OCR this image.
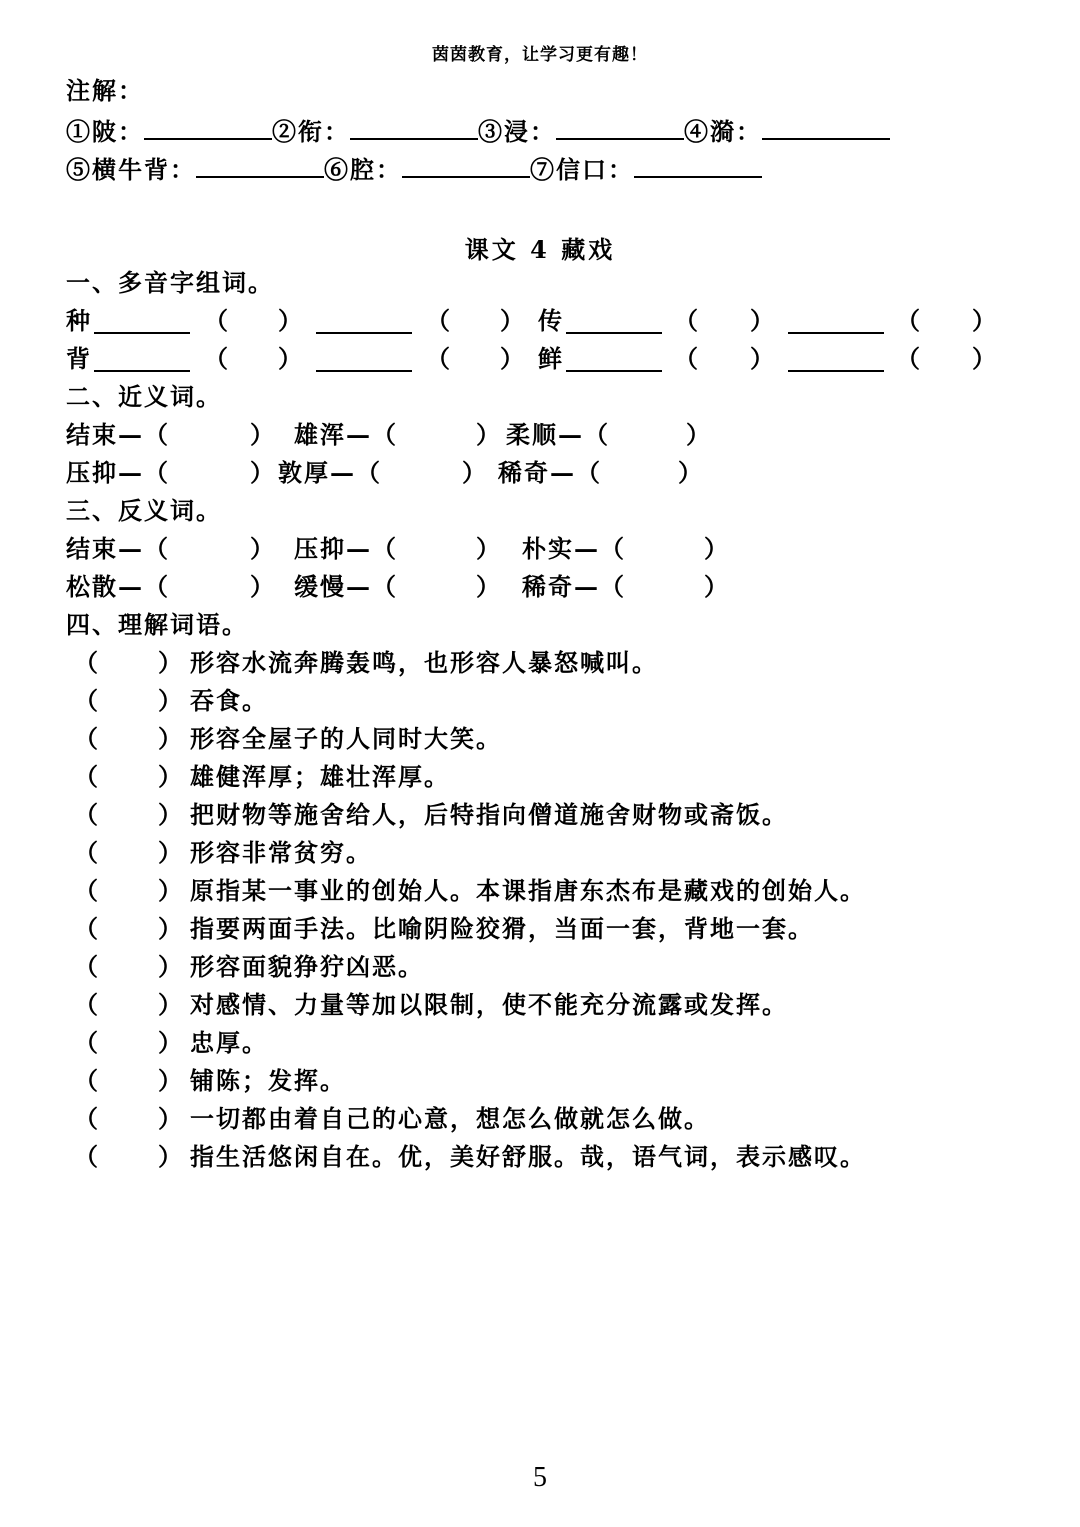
茵茵教育，让学习更有趣！
注解：
①陂：	②衔：	③浸：	④漪：
⑤横牛背：	⑥腔：	⑦信口：
课文 4 藏戏
一、多音字组词。
种	（ ）	（ ） 传	（ ）	（ ）
背	（ ）	（ ） 鲜	（ ）	（ ）
二、近义词。
结束—（	） 雄浑—（	） 柔顺—（	）
压抑—（	） 敦厚—（	） 稀奇—（	）
三、反义词。
结束—（	） 压抑—（	） 朴实—（	）
松散—（	） 缓慢—（	） 稀奇—（	）
四、理解词语。
（ ） 形容水流奔腾轰鸣，也形容人暴怒喊叫。
（ ） 吞食。
（ ） 形容全屋子的人同时大笑。
（ ） 雄健浑厚；雄壮浑厚。
（ ） 把财物等施舍给人，后特指向僧道施舍财物或斋饭。
（ ） 形容非常贫穷。
（ ） 原指某一事业的创始人。本课指唐东杰布是藏戏的创始人。
（ ） 指要两面手法。比喻阴险狡猾，当面一套，背地一套。
（ ） 形容面貌狰狞凶恶。
（ ） 对感情、力量等加以限制，使不能充分流露或发挥。
（ ） 忠厚。
（ ） 铺陈；发挥。
（ ） 一切都由着自己的心意，想怎么做就怎么做。
（ ） 指生活悠闲自在。优，美好舒服。哉，语气词，表示感叹。
5
